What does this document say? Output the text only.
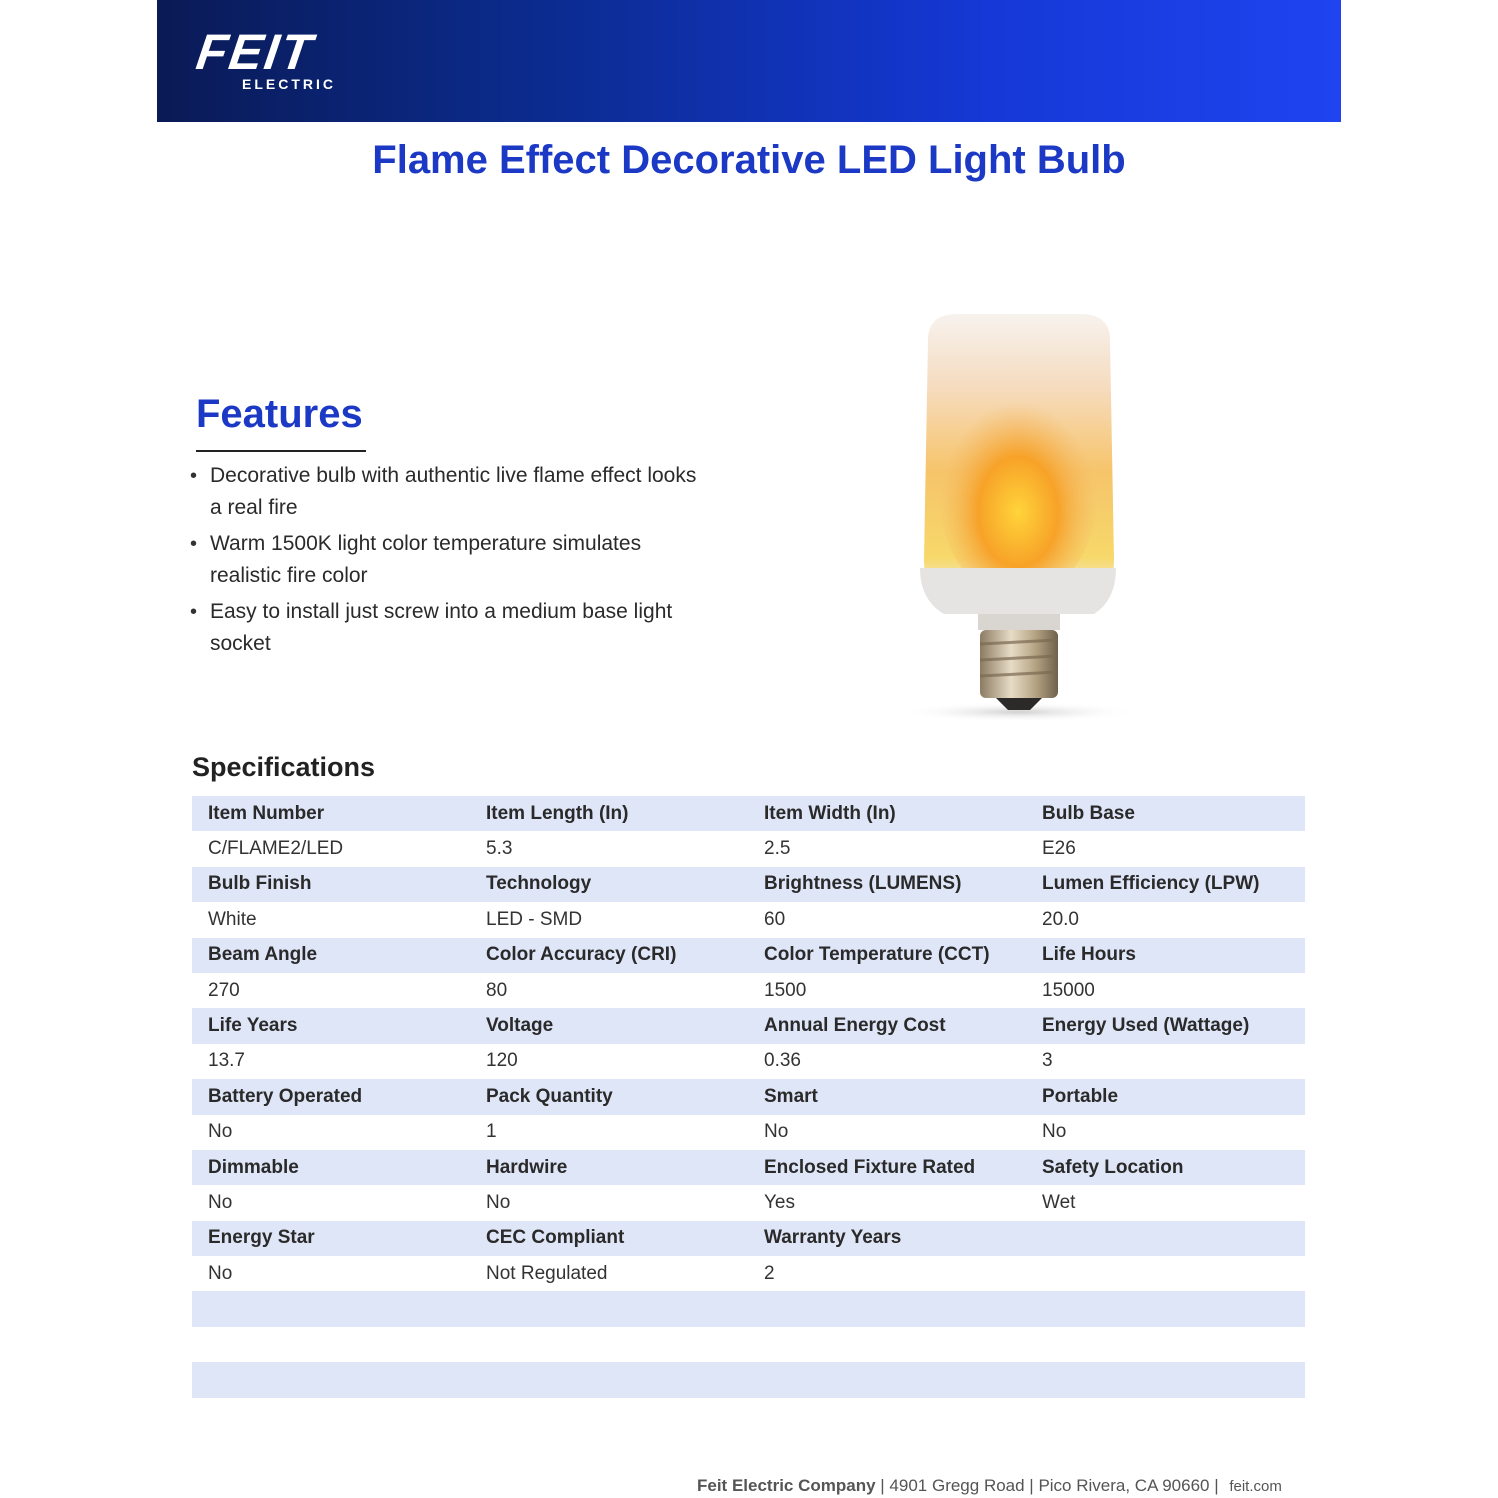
FEIT
ELECTRIC
Flame Effect Decorative LED Light Bulb
Features
• Decorative bulb with authentic live flame effect looks a real fire
• Warm 1500K light color temperature simulates realistic fire color
• Easy to install just screw into a medium base light socket
Specifications
Item Number	Item Length (In)	Item Width (In)	Bulb Base
C/FLAME2/LED	5.3	2.5	E26
Bulb Finish	Technology	Brightness (LUMENS)	Lumen Efficiency (LPW)
White	LED - SMD	60	20.0
Beam Angle	Color Accuracy (CRI)	Color Temperature (CCT)	Life Hours
270	80	1500	15000
Life Years	Voltage	Annual Energy Cost	Energy Used (Wattage)
13.7	120	0.36	3
Battery Operated	Pack Quantity	Smart	Portable
No	1	No	No
Dimmable	Hardwire	Enclosed Fixture Rated	Safety Location
No	No	Yes	Wet
Energy Star	CEC Compliant	Warranty Years
No	Not Regulated	2
Feit Electric Company | 4901 Gregg Road | Pico Rivera, CA 90660 | feit.com
